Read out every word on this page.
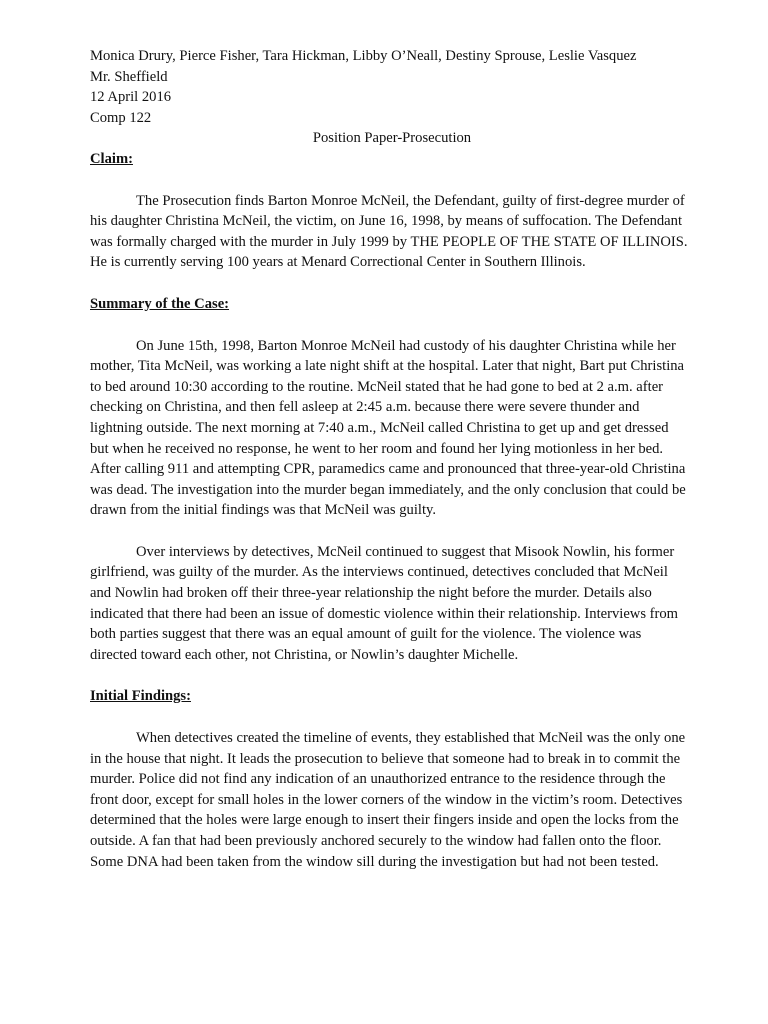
Monica Drury, Pierce Fisher, Tara Hickman, Libby O’Neall, Destiny Sprouse, Leslie Vasquez
Mr. Sheffield
12 April 2016
Comp 122
Position Paper-Prosecution
Claim:

The Prosecution finds Barton Monroe McNeil, the Defendant, guilty of first-degree murder of his daughter Christina McNeil, the victim, on June 16, 1998, by means of suffocation. The Defendant was formally charged with the murder in July 1999 by THE PEOPLE OF THE STATE OF ILLINOIS. He is currently serving 100 years at Menard Correctional Center in Southern Illinois.

Summary of the Case:

On June 15th, 1998, Barton Monroe McNeil had custody of his daughter Christina while her mother, Tita McNeil, was working a late night shift at the hospital. Later that night, Bart put Christina to bed around 10:30 according to the routine. McNeil stated that he had gone to bed at 2 a.m. after checking on Christina, and then fell asleep at 2:45 a.m. because there were severe thunder and lightning outside. The next morning at 7:40 a.m., McNeil called Christina to get up and get dressed but when he received no response, he went to her room and found her lying motionless in her bed. After calling 911 and attempting CPR, paramedics came and pronounced that three-year-old Christina was dead. The investigation into the murder began immediately, and the only conclusion that could be drawn from the initial findings was that McNeil was guilty.

Over interviews by detectives, McNeil continued to suggest that Misook Nowlin, his former girlfriend, was guilty of the murder. As the interviews continued, detectives concluded that McNeil and Nowlin had broken off their three-year relationship the night before the murder. Details also indicated that there had been an issue of domestic violence within their relationship. Interviews from both parties suggest that there was an equal amount of guilt for the violence. The violence was directed toward each other, not Christina, or Nowlin’s daughter Michelle.

Initial Findings:

When detectives created the timeline of events, they established that McNeil was the only one in the house that night. It leads the prosecution to believe that someone had to break in to commit the murder. Police did not find any indication of an unauthorized entrance to the residence through the front door, except for small holes in the lower corners of the window in the victim’s room. Detectives determined that the holes were large enough to insert their fingers inside and open the locks from the outside. A fan that had been previously anchored securely to the window had fallen onto the floor. Some DNA had been taken from the window sill during the investigation but had not been tested.
